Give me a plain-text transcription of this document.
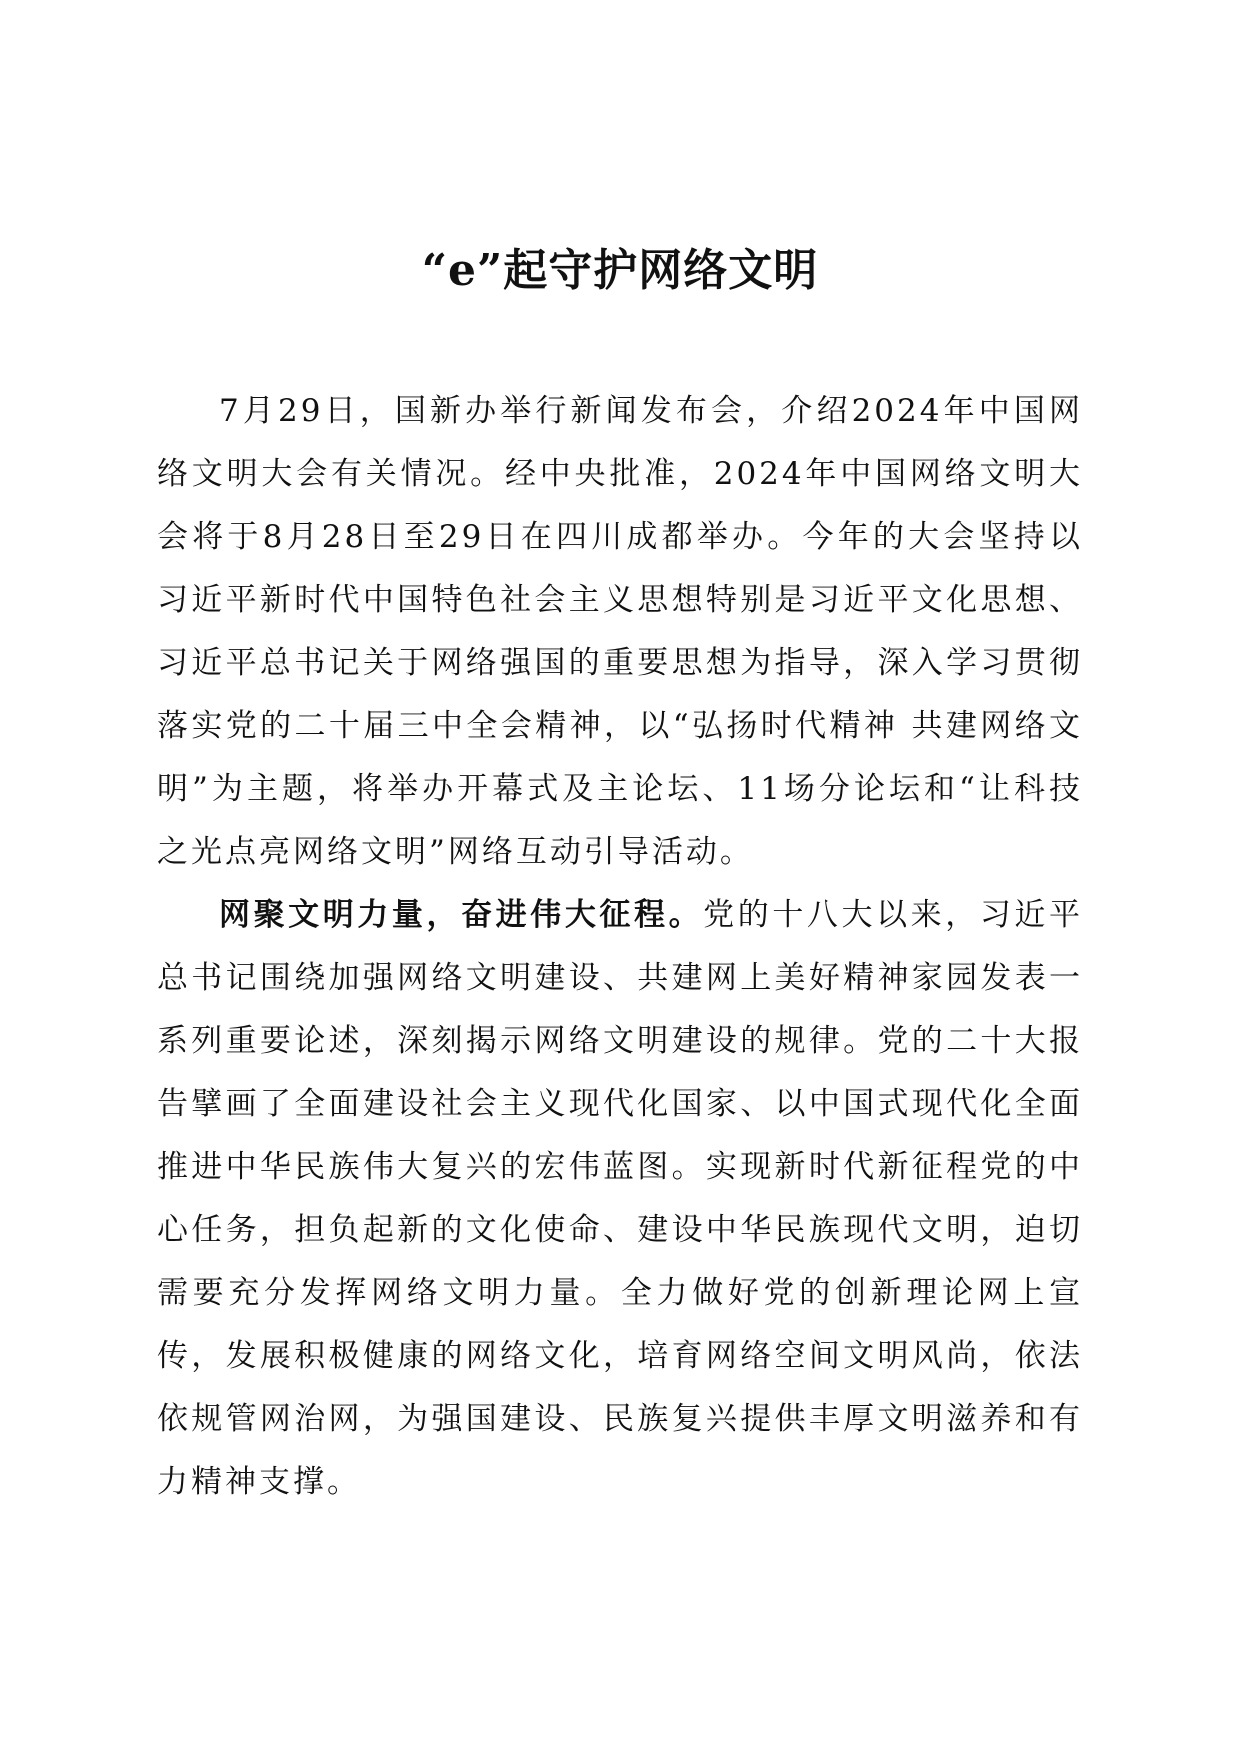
“e”起守护网络文明

7月29日，国新办举行新闻发布会，介绍2024年中国网络文明大会有关情况。经中央批准，2024年中国网络文明大会将于8月28日至29日在四川成都举办。今年的大会坚持以习近平新时代中国特色社会主义思想特别是习近平文化思想、习近平总书记关于网络强国的重要思想为指导，深入学习贯彻落实党的二十届三中全会精神，以“弘扬时代精神 共建网络文明”为主题，将举办开幕式及主论坛、11场分论坛和“让科技之光点亮网络文明”网络互动引导活动。

网聚文明力量，奋进伟大征程。党的十八大以来，习近平总书记围绕加强网络文明建设、共建网上美好精神家园发表一系列重要论述，深刻揭示网络文明建设的规律。党的二十大报告擘画了全面建设社会主义现代化国家、以中国式现代化全面推进中华民族伟大复兴的宏伟蓝图。实现新时代新征程党的中心任务，担负起新的文化使命、建设中华民族现代文明，迫切需要充分发挥网络文明力量。全力做好党的创新理论网上宣传，发展积极健康的网络文化，培育网络空间文明风尚，依法依规管网治网，为强国建设、民族复兴提供丰厚文明滋养和有力精神支撑。
